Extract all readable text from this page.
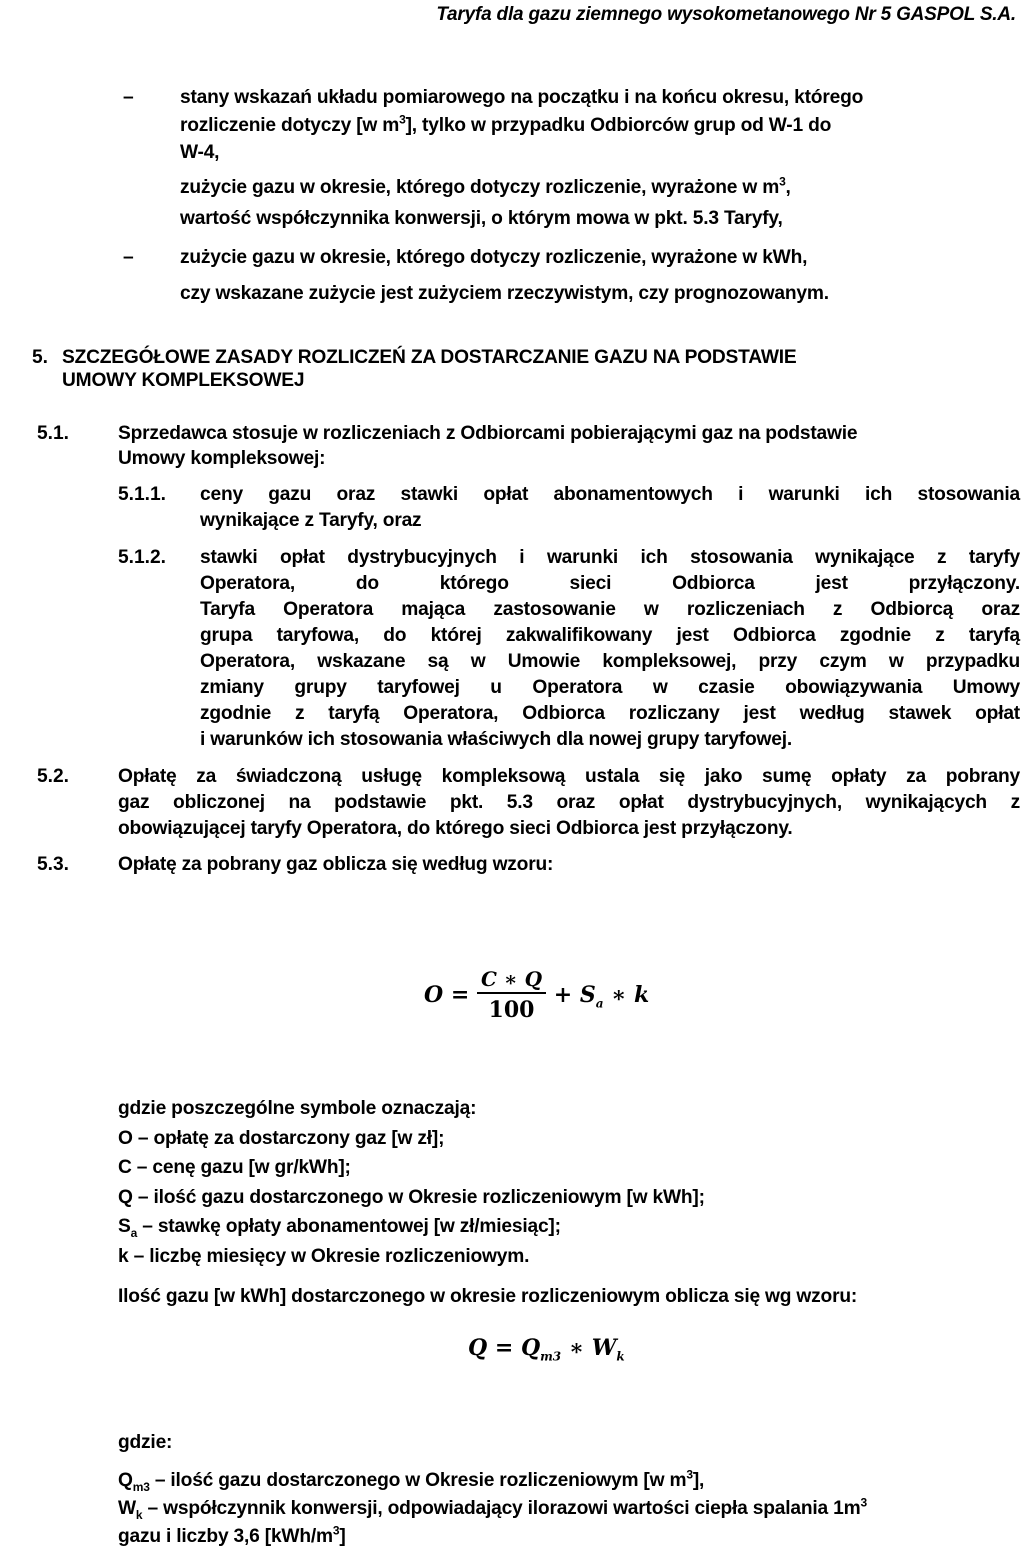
Taryfa dla gazu ziemnego wysokometanowego Nr 5 GASPOL S.A.
– stany wskazań układu pomiarowego na początku i na końcu okresu, którego
rozliczenie dotyczy [w $m^3$], tylko w przypadku Odbiorców grup od W-1 do
W-4,
zużycie gazu w okresie, którego dotyczy rozliczenie, wyrażone w $m^3$,
wartość współczynnika konwersji, o którym mowa w pkt. 5.3 Taryfy,
– zużycie gazu w okresie, którego dotyczy rozliczenie, wyrażone w kWh,
czy wskazane zużycie jest zużyciem rzeczywistym, czy prognozowanym.
5. SZCZEGÓŁOWE ZASADY ROZLICZEŃ ZA DOSTARCZANIE GAZU NA PODSTAWIE
UMOWY KOMPLEKSOWEJ
5.1.	Sprzedawca stosuje w rozliczeniach z Odbiorcami pobierającymi gaz na podstawie
Umowy kompleksowej:
5.1.1. ceny gazu oraz stawki opłat abonamentowych i warunki ich stosowania
wynikające z Taryfy, oraz
5.1.2. stawki opłat dystrybucyjnych i warunki ich stosowania wynikające z taryfy
Operatora, do którego sieci Odbiorca jest przyłączony.
Taryfa Operatora mająca zastosowanie w rozliczeniach z Odbiorcą oraz
grupa taryfowa, do której zakwalifikowany jest Odbiorca zgodnie z taryfą
Operatora, wskazane są w Umowie kompleksowej, przy czym w przypadku
zmiany grupy taryfowej u Operatora w czasie obowiązywania Umowy
zgodnie z taryfą Operatora, Odbiorca rozliczany jest według stawek opłat
i warunków ich stosowania właściwych dla nowej grupy taryfowej.
5.2.	Opłatę za świadczoną usługę kompleksową ustala się jako sumę opłaty za pobrany
gaz obliczonej na podstawie pkt. 5.3 oraz opłat dystrybucyjnych, wynikających z
obowiązującej taryfy Operatora, do którego sieci Odbiorca jest przyłączony.
5.3.	Opłatę za pobrany gaz oblicza się według wzoru:
$O = \frac{C ∗ Q}{100} + S_a$ ∗ k
gdzie poszczególne symbole oznaczają:
O – opłatę za dostarczony gaz [w zł];
C – cenę gazu [w gr/kWh];
Q – ilość gazu dostarczonego w Okresie rozliczeniowym [w kWh];
$S_a$ – stawkę opłaty abonamentowej [w zł/miesiąc];
k – liczbę miesięcy w Okresie rozliczeniowym.
Ilość gazu [w kWh] dostarczonego w okresie rozliczeniowym oblicza się wg wzoru:
$Q = Q_{m3}$ ∗ $W_k$
gdzie:
$Q_{m3}$ – ilość gazu dostarczonego w Okresie rozliczeniowym [w $m^3$],
$W_k$ – współczynnik konwersji, odpowiadający ilorazowi wartości ciepła spalania $1m^3$
gazu i liczby 3,6 $[kWh/m^3]$
